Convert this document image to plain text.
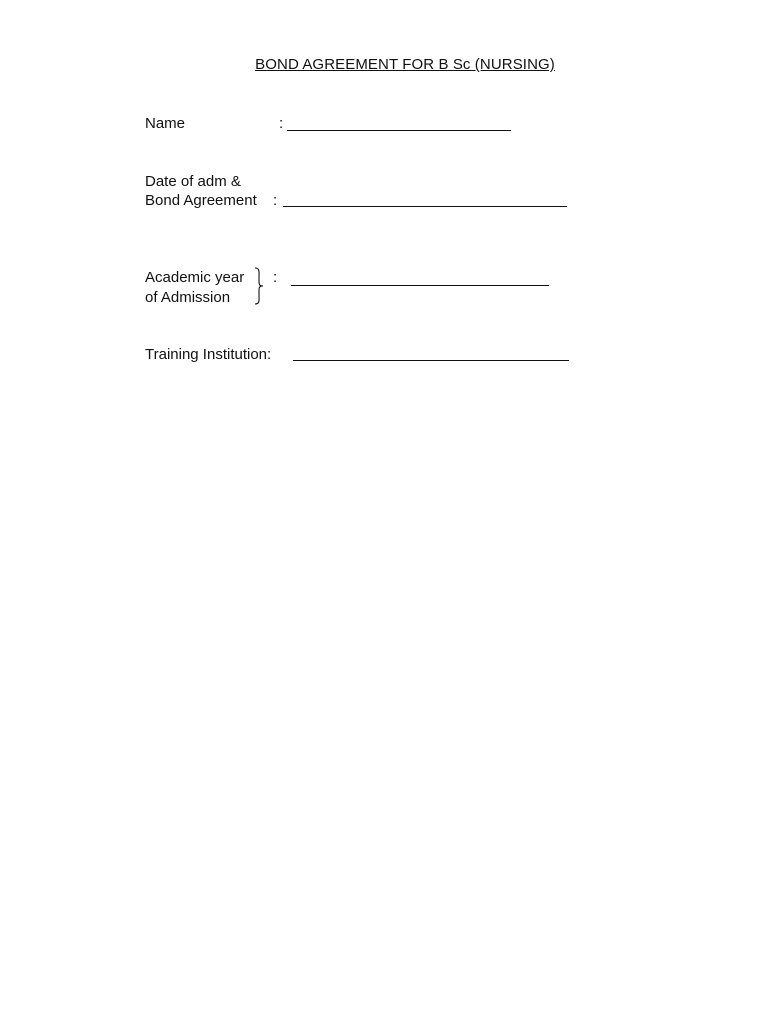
BOND AGREEMENT FOR B Sc (NURSING)
Name	:
Date of adm &
Bond Agreement :
Academic year
of Admission
:
Training Institution:
